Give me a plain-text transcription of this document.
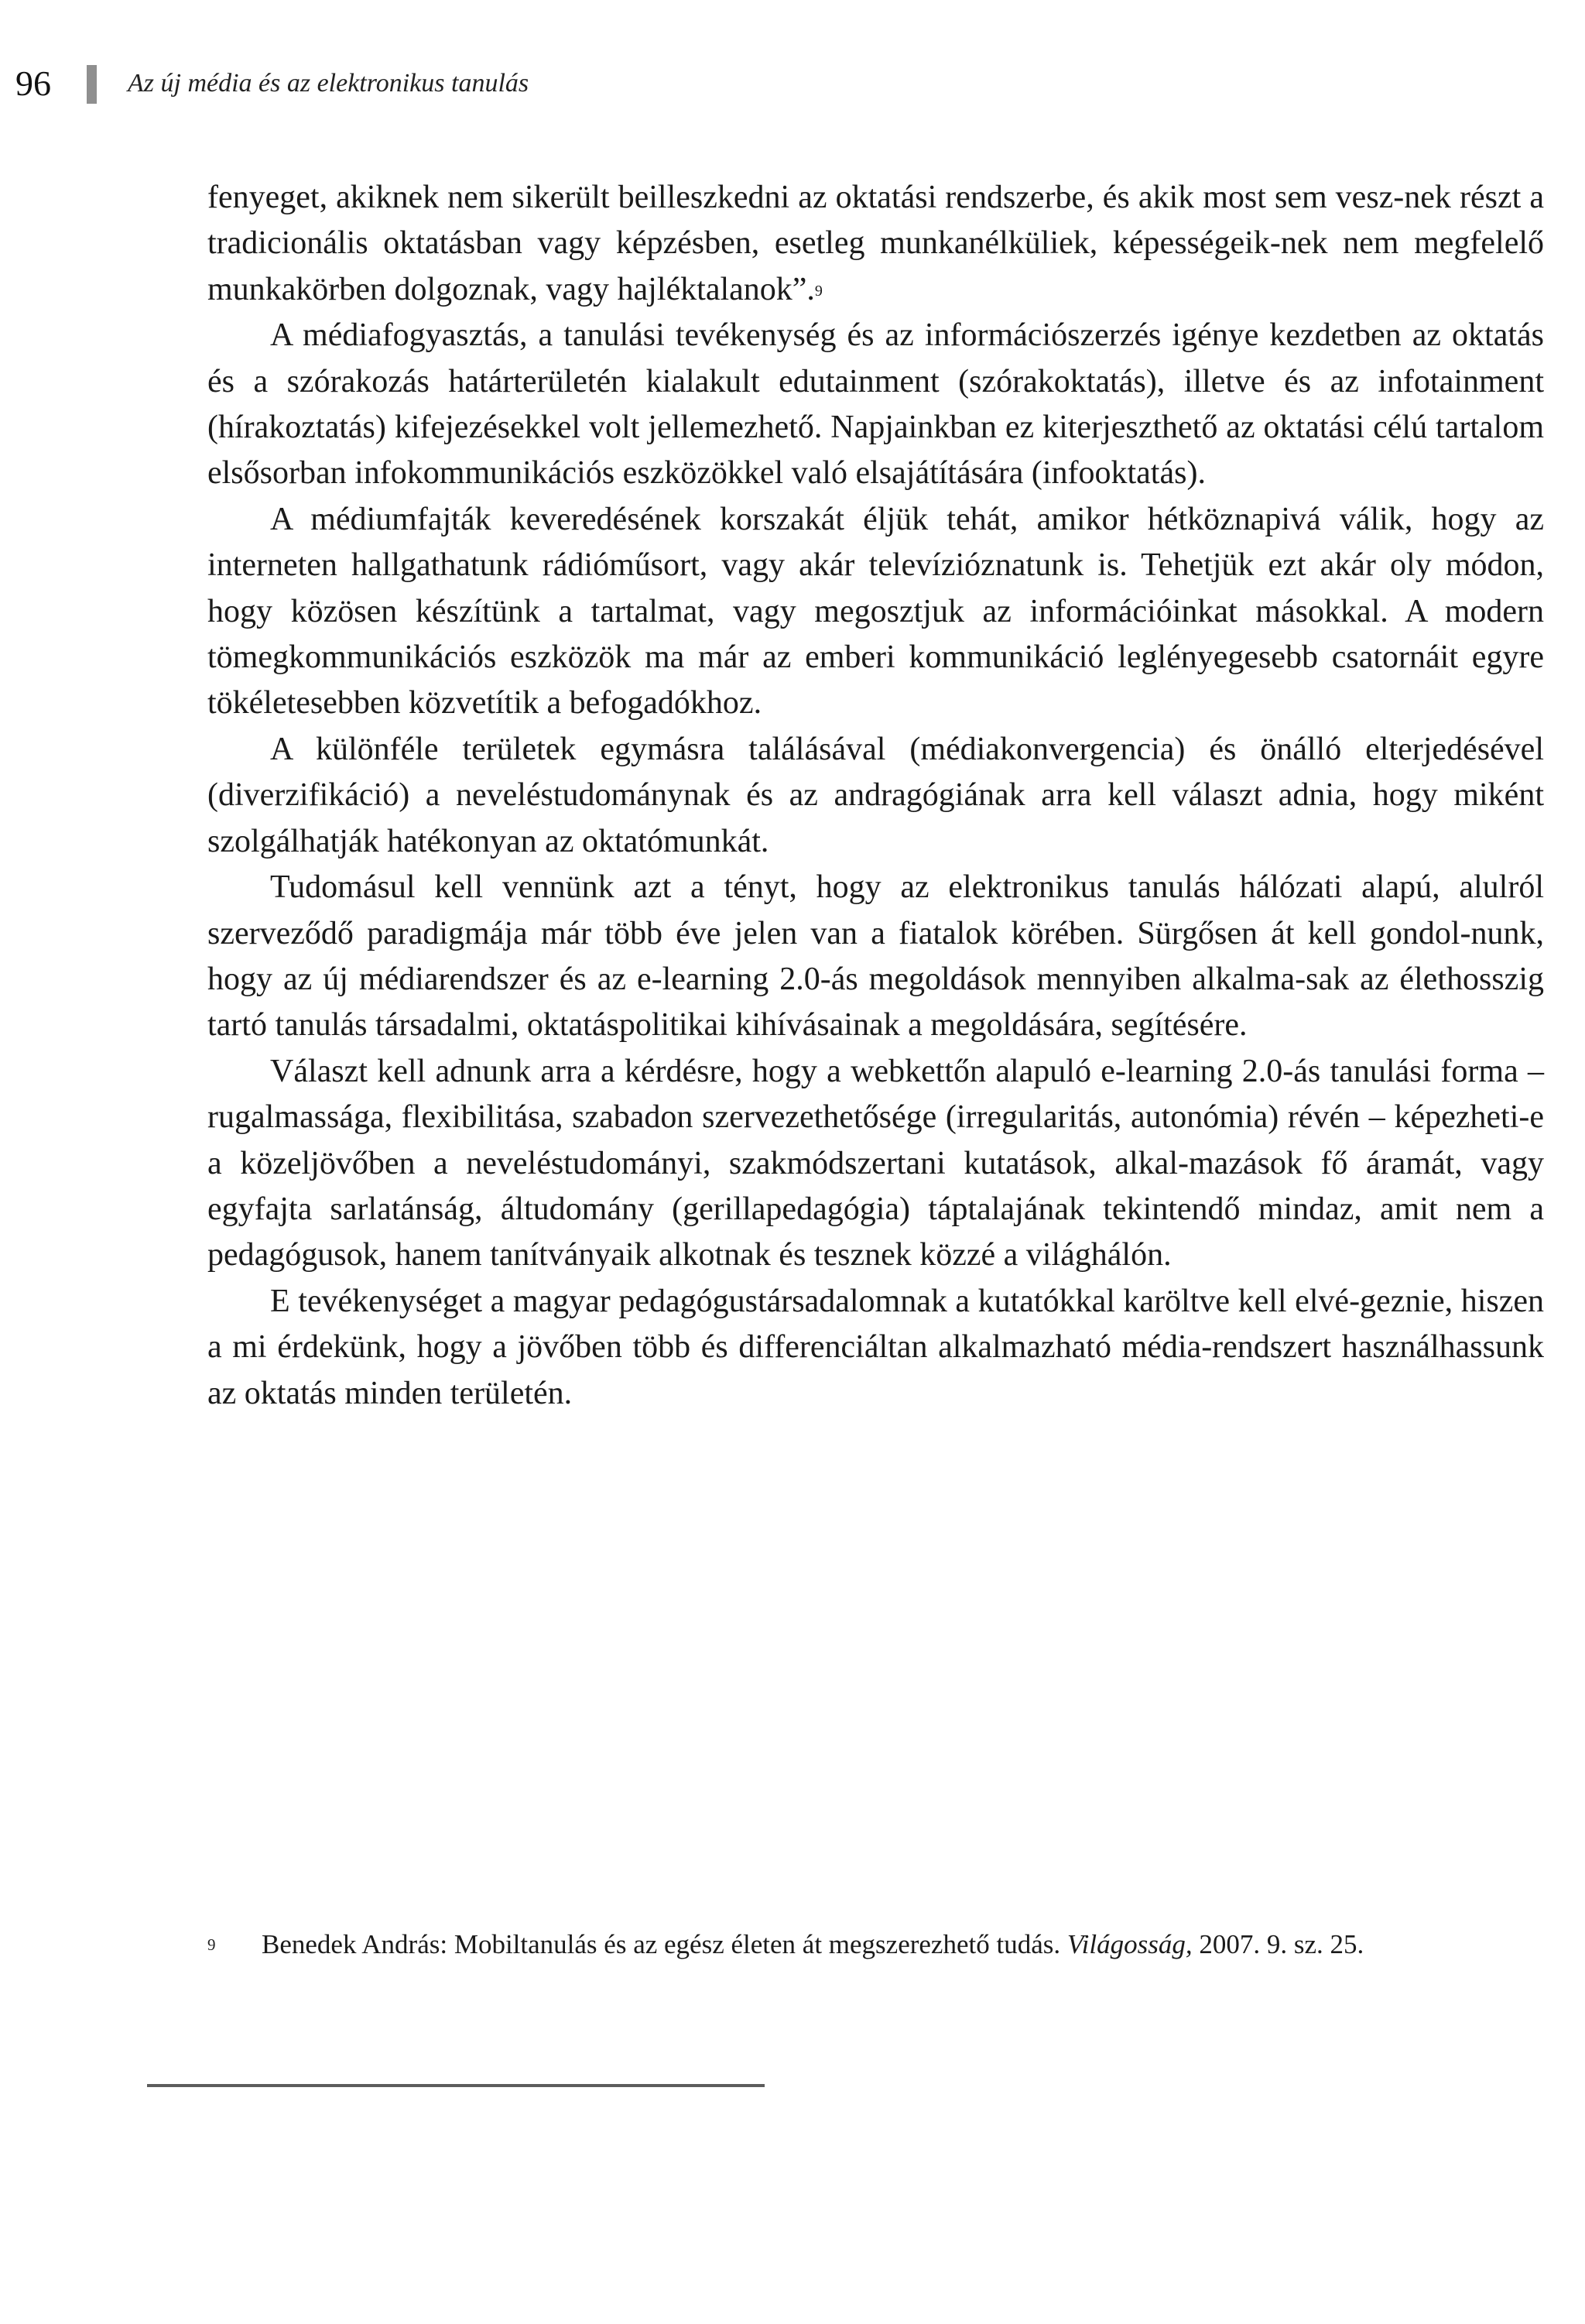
96	Az új média és az elektronikus tanulás

fenyeget, akiknek nem sikerült beilleszkedni az oktatási rendszerbe, és akik most sem vesz-nek részt a tradicionális oktatásban vagy képzésben, esetleg munkanélküliek, képességeik-nek nem megfelelő munkakörben dolgoznak, vagy hajléktalanok”.$^9$

A médiafogyasztás, a tanulási tevékenység és az információszerzés igénye kezdetben az oktatás és a szórakozás határterületén kialakult edutainment (szórakoktatás), illetve és az infotainment (hírakoztatás) kifejezésekkel volt jellemezhető. Napjainkban ez kiterjeszthető az oktatási célú tartalom elsősorban infokommunikációs eszközökkel való elsajátítására (infooktatás).

A médiumfajták keveredésének korszakát éljük tehát, amikor hétköznapivá válik, hogy az interneten hallgathatunk rádióműsort, vagy akár televízióznatunk is. Tehetjük ezt akár oly módon, hogy közösen készítünk a tartalmat, vagy megosztjuk az információinkat másokkal. A modern tömegkommunikációs eszközök ma már az emberi kommunikáció leglényegesebb csatornáit egyre tökéletesebben közvetítik a befogadókhoz.

A különféle területek egymásra találásával (médiakonvergencia) és önálló elterjedésével (diverzifikáció) a neveléstudománynak és az andragógiának arra kell választ adnia, hogy miként szolgálhatják hatékonyan az oktatómunkát.

Tudomásul kell vennünk azt a tényt, hogy az elektronikus tanulás hálózati alapú, alulról szerveződő paradigmája már több éve jelen van a fiatalok körében. Sürgősen át kell gondol-nunk, hogy az új médiarendszer és az e-learning 2.0-ás megoldások mennyiben alkalma-sak az élethosszig tartó tanulás társadalmi, oktatáspolitikai kihívásainak a megoldására, segítésére.

Választ kell adnunk arra a kérdésre, hogy a webkettőn alapuló e-learning 2.0-ás tanulási forma – rugalmassága, flexibilitása, szabadon szervezethetősége (irregularitás, autonómia) révén – képezheti-e a közeljövőben a neveléstudományi, szakmódszertani kutatások, alkal-mazások fő áramát, vagy egyfajta sarlatánság, áltudomány (gerillapedagógia) táptalajának tekintendő mindaz, amit nem a pedagógusok, hanem tanítványaik alkotnak és tesznek közzé a világhálón.

E tevékenységet a magyar pedagógustársadalomnak a kutatókkal karöltve kell elvé-geznie, hiszen a mi érdekünk, hogy a jövőben több és differenciáltan alkalmazható média-rendszert használhassunk az oktatás minden területén.

9 Benedek András: Mobiltanulás és az egész életen át megszerezhető tudás. Világosság, 2007. 9. sz. 25.
